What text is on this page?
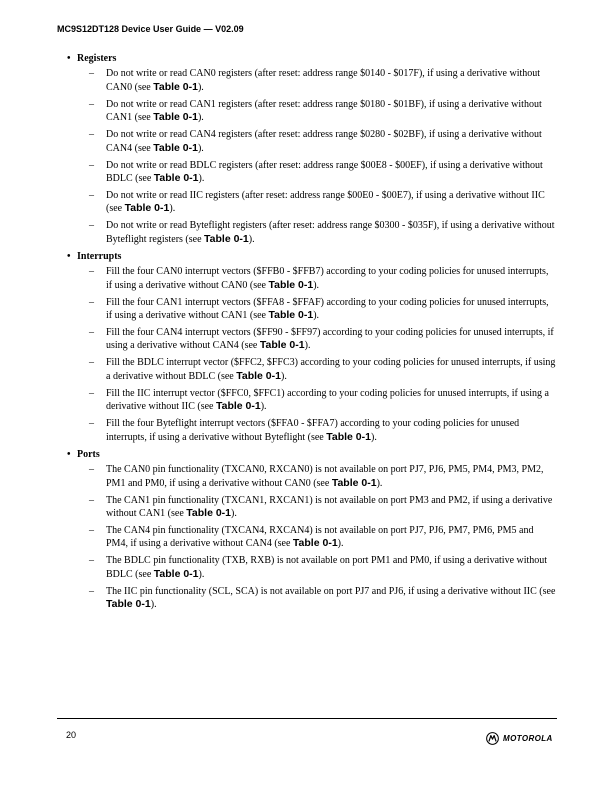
MC9S12DT128 Device User Guide — V02.09
• Registers
– Do not write or read CAN0 registers (after reset: address range $0140 - $017F), if using a derivative without CAN0 (see Table 0-1).
– Do not write or read CAN1 registers (after reset: address range $0180 - $01BF), if using a derivative without CAN1 (see Table 0-1).
– Do not write or read CAN4 registers (after reset: address range $0280 - $02BF), if using a derivative without CAN4 (see Table 0-1).
– Do not write or read BDLC registers (after reset: address range $00E8 - $00EF), if using a derivative without BDLC (see Table 0-1).
– Do not write or read IIC registers (after reset: address range $00E0 - $00E7), if using a derivative without IIC (see Table 0-1).
– Do not write or read Byteflight registers (after reset: address range $0300 - $035F), if using a derivative without Byteflight registers (see Table 0-1).
• Interrupts
– Fill the four CAN0 interrupt vectors ($FFB0 - $FFB7) according to your coding policies for unused interrupts, if using a derivative without CAN0 (see Table 0-1).
– Fill the four CAN1 interrupt vectors ($FFA8 - $FFAF) according to your coding policies for unused interrupts, if using a derivative without CAN1 (see Table 0-1).
– Fill the four CAN4 interrupt vectors ($FF90 - $FF97) according to your coding policies for unused interrupts, if using a derivative without CAN4 (see Table 0-1).
– Fill the BDLC interrupt vector ($FFC2, $FFC3) according to your coding policies for unused interrupts, if using a derivative without BDLC (see Table 0-1).
– Fill the IIC interrupt vector ($FFC0, $FFC1) according to your coding policies for unused interrupts, if using a derivative without IIC (see Table 0-1).
– Fill the four Byteflight interrupt vectors ($FFA0 - $FFA7) according to your coding policies for unused interrupts, if using a derivative without Byteflight (see Table 0-1).
• Ports
– The CAN0 pin functionality (TXCAN0, RXCAN0) is not available on port PJ7, PJ6, PM5, PM4, PM3, PM2, PM1 and PM0, if using a derivative without CAN0 (see Table 0-1).
– The CAN1 pin functionality (TXCAN1, RXCAN1) is not available on port PM3 and PM2, if using a derivative without CAN1 (see Table 0-1).
– The CAN4 pin functionality (TXCAN4, RXCAN4) is not available on port PJ7, PJ6, PM7, PM6, PM5 and PM4, if using a derivative without CAN4 (see Table 0-1).
– The BDLC pin functionality (TXB, RXB) is not available on port PM1 and PM0, if using a derivative without BDLC (see Table 0-1).
– The IIC pin functionality (SCL, SCA) is not available on port PJ7 and PJ6, if using a derivative without IIC (see Table 0-1).
20	MOTOROLA
